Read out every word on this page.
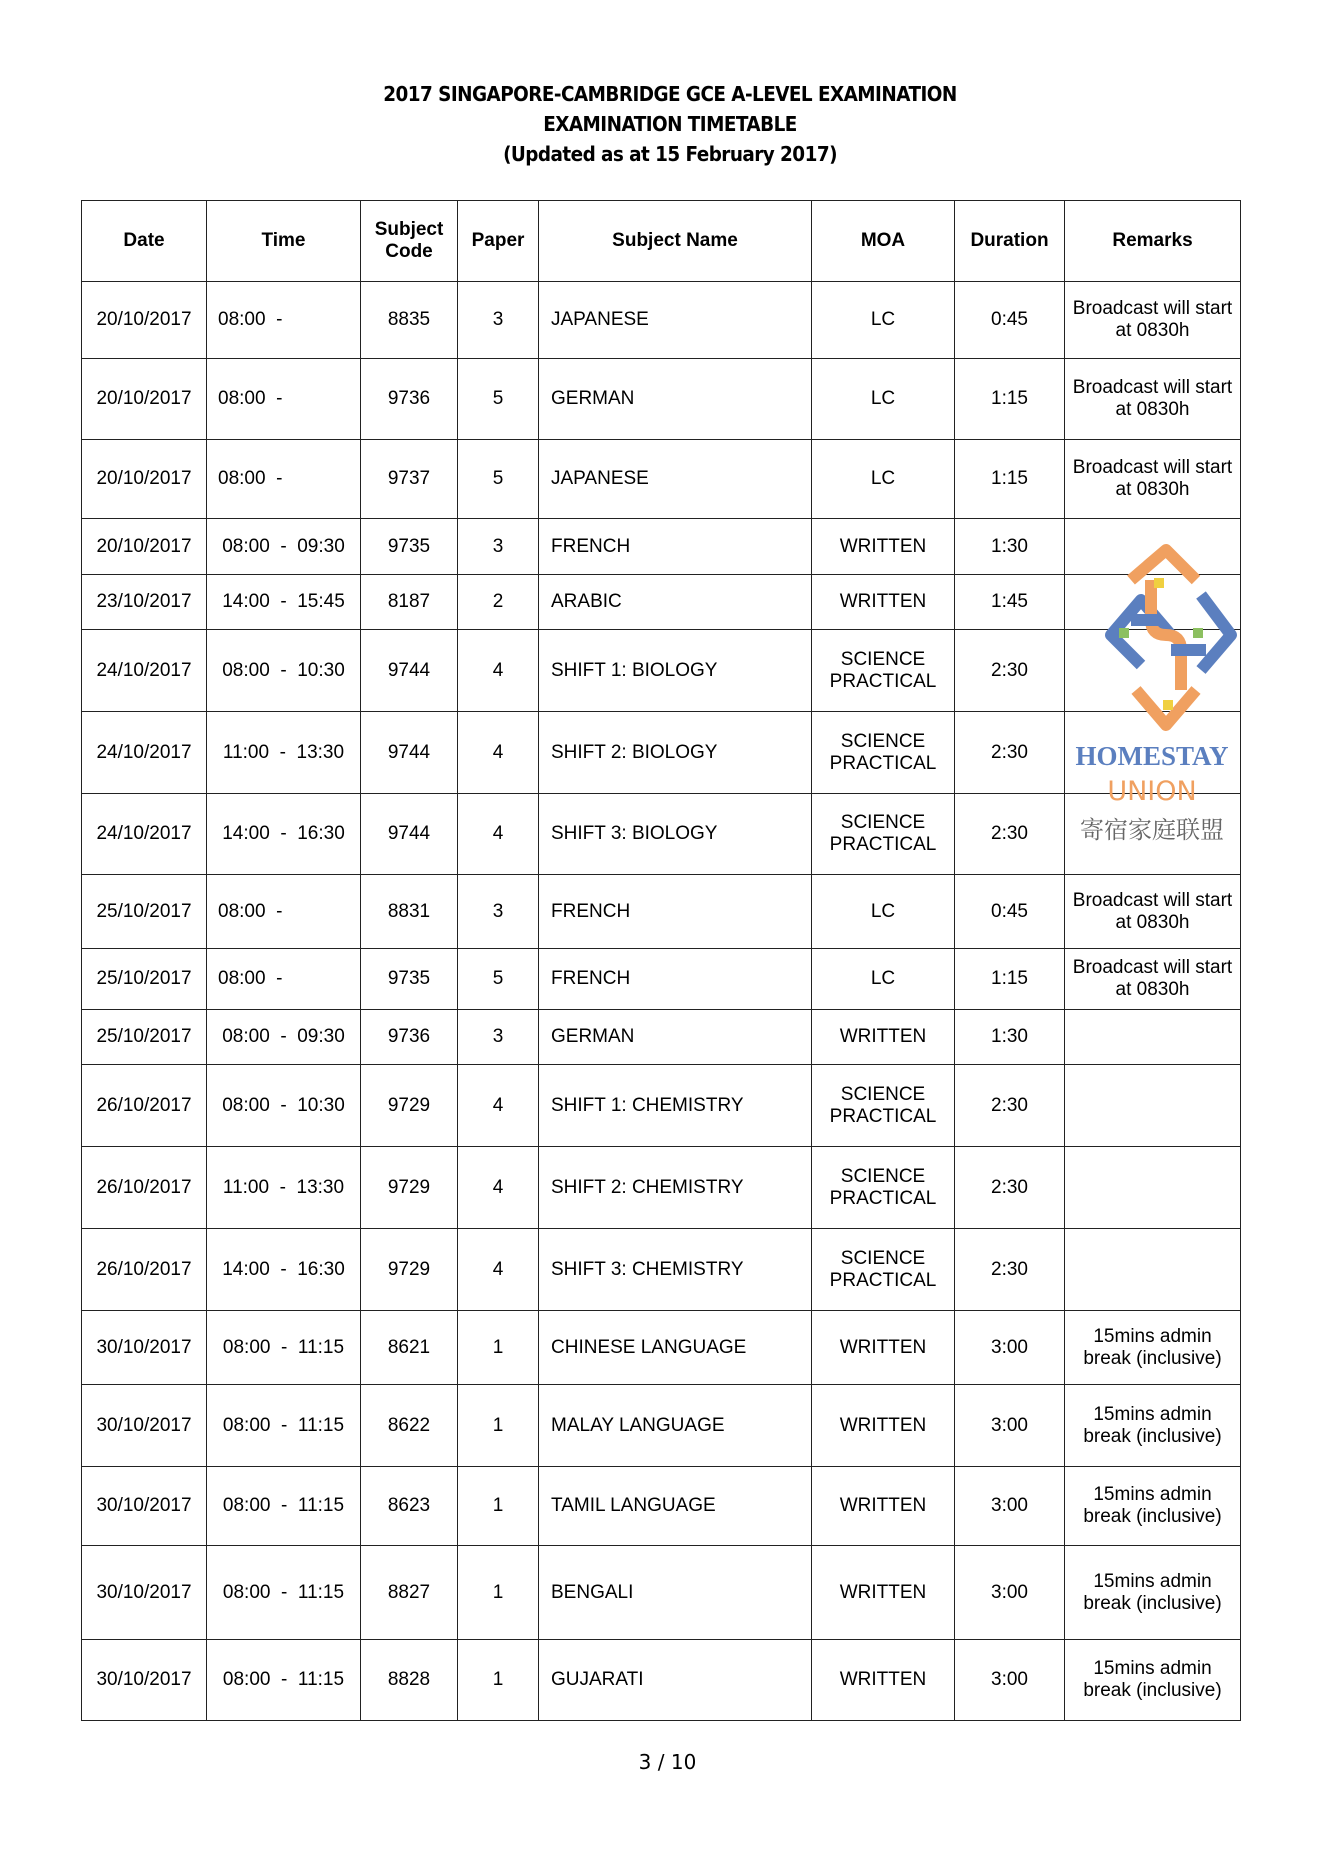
2017 SINGAPORE-CAMBRIDGE GCE A-LEVEL EXAMINATION
EXAMINATION TIMETABLE
(Updated as at 15 February 2017)
Date	Time	Subject Code	Paper	Subject Name	MOA	Duration	Remarks
20/10/2017	08:00  -	8835	3	JAPANESE	LC	0:45	Broadcast will start at 0830h
20/10/2017	08:00  -	9736	5	GERMAN	LC	1:15	Broadcast will start at 0830h
20/10/2017	08:00  -	9737	5	JAPANESE	LC	1:15	Broadcast will start at 0830h
20/10/2017	08:00  -  09:30	9735	3	FRENCH	WRITTEN	1:30	
23/10/2017	14:00  -  15:45	8187	2	ARABIC	WRITTEN	1:45	
24/10/2017	08:00  -  10:30	9744	4	SHIFT 1: BIOLOGY	SCIENCE PRACTICAL	2:30	
24/10/2017	11:00  -  13:30	9744	4	SHIFT 2: BIOLOGY	SCIENCE PRACTICAL	2:30	
24/10/2017	14:00  -  16:30	9744	4	SHIFT 3: BIOLOGY	SCIENCE PRACTICAL	2:30	
25/10/2017	08:00  -	8831	3	FRENCH	LC	0:45	Broadcast will start at 0830h
25/10/2017	08:00  -	9735	5	FRENCH	LC	1:15	Broadcast will start at 0830h
25/10/2017	08:00  -  09:30	9736	3	GERMAN	WRITTEN	1:30	
26/10/2017	08:00  -  10:30	9729	4	SHIFT 1: CHEMISTRY	SCIENCE PRACTICAL	2:30	
26/10/2017	11:00  -  13:30	9729	4	SHIFT 2: CHEMISTRY	SCIENCE PRACTICAL	2:30	
26/10/2017	14:00  -  16:30	9729	4	SHIFT 3: CHEMISTRY	SCIENCE PRACTICAL	2:30	
30/10/2017	08:00  -  11:15	8621	1	CHINESE LANGUAGE	WRITTEN	3:00	15mins admin break (inclusive)
30/10/2017	08:00  -  11:15	8622	1	MALAY LANGUAGE	WRITTEN	3:00	15mins admin break (inclusive)
30/10/2017	08:00  -  11:15	8623	1	TAMIL LANGUAGE	WRITTEN	3:00	15mins admin break (inclusive)
30/10/2017	08:00  -  11:15	8827	1	BENGALI	WRITTEN	3:00	15mins admin break (inclusive)
30/10/2017	08:00  -  11:15	8828	1	GUJARATI	WRITTEN	3:00	15mins admin break (inclusive)
HOMESTAY
UNION
寄宿家庭联盟
3 / 10
